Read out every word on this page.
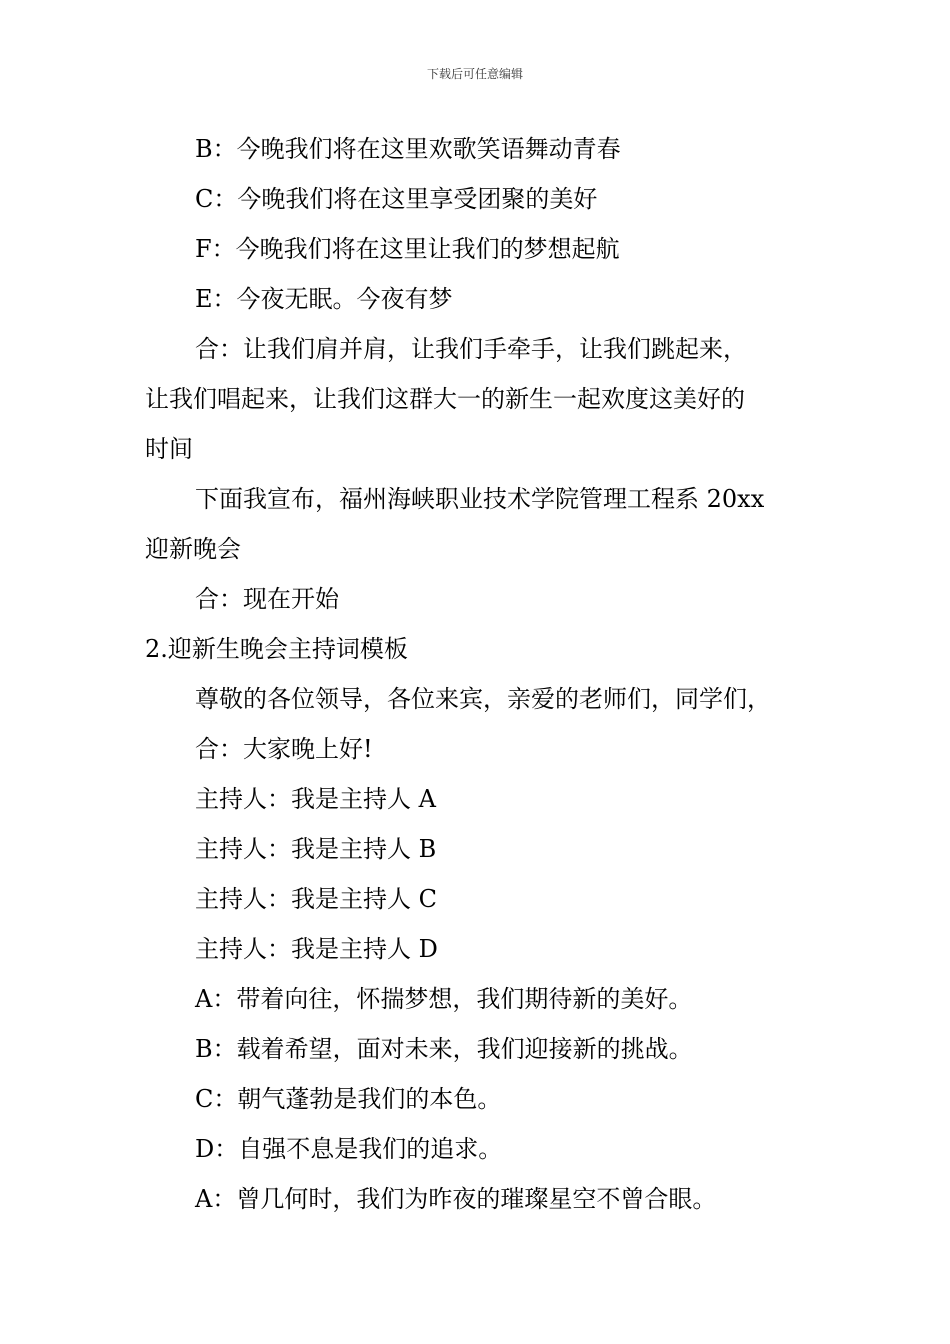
下载后可任意编辑
B：今晚我们将在这里欢歌笑语舞动青春
C：今晚我们将在这里享受团聚的美好
F：今晚我们将在这里让我们的梦想起航
E：今夜无眠。今夜有梦
合：让我们肩并肩，让我们手牵手，让我们跳起来，
让我们唱起来，让我们这群大一的新生一起欢度这美好的
时间
下面我宣布，福州海峡职业技术学院管理工程系 20xx
迎新晚会
合：现在开始
2.迎新生晚会主持词模板
尊敬的各位领导，各位来宾，亲爱的老师们，同学们，
合：大家晚上好!
主持人：我是主持人 A
主持人：我是主持人 B
主持人：我是主持人 C
主持人：我是主持人 D
A：带着向往，怀揣梦想，我们期待新的美好。
B：载着希望，面对未来，我们迎接新的挑战。
C：朝气蓬勃是我们的本色。
D：自强不息是我们的追求。
A：曾几何时，我们为昨夜的璀璨星空不曾合眼。
